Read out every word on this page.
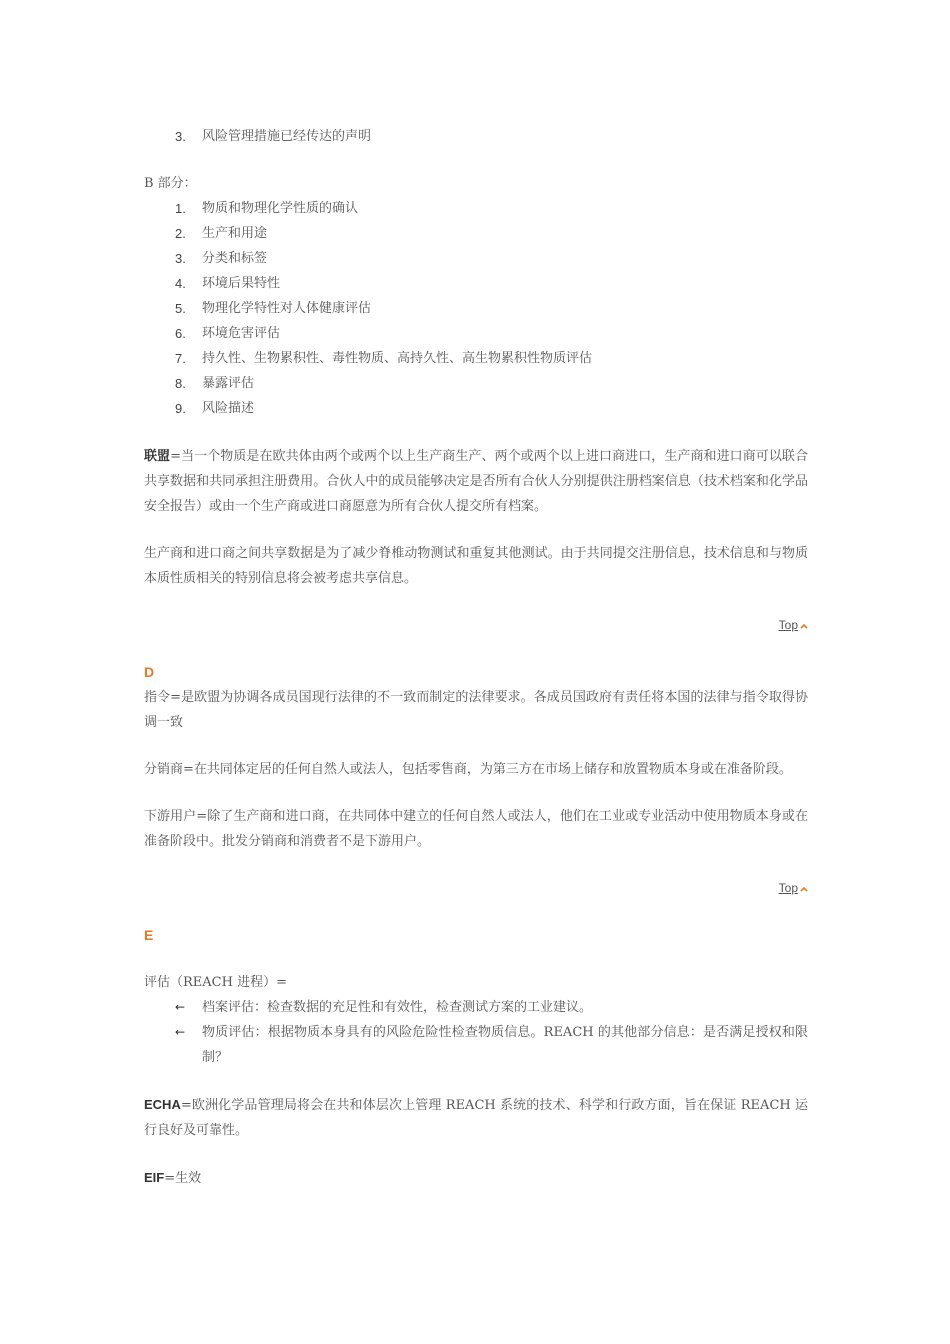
3.	风险管理措施已经传达的声明
B 部分：
1.	物质和物理化学性质的确认
2.	生产和用途
3.	分类和标签
4.	环境后果特性
5.	物理化学特性对人体健康评估
6.	环境危害评估
7.	持久性、生物累积性、毒性物质、高持久性、高生物累积性物质评估
8.	暴露评估
9.	风险描述
联盟=当一个物质是在欧共体由两个或两个以上生产商生产、两个或两个以上进口商进口，生产商和进口商可以联合共享数据和共同承担注册费用。合伙人中的成员能够决定是否所有合伙人分别提供注册档案信息（技术档案和化学品安全报告）或由一个生产商或进口商愿意为所有合伙人提交所有档案。
生产商和进口商之间共享数据是为了减少脊椎动物测试和重复其他测试。由于共同提交注册信息，技术信息和与物质本质性质相关的特别信息将会被考虑共享信息。
Top
D
指令=是欧盟为协调各成员国现行法律的不一致而制定的法律要求。各成员国政府有责任将本国的法律与指令取得协调一致
分销商=在共同体定居的任何自然人或法人，包括零售商，为第三方在市场上储存和放置物质本身或在准备阶段。
下游用户=除了生产商和进口商，在共同体中建立的任何自然人或法人，他们在工业或专业活动中使用物质本身或在准备阶段中。批发分销商和消费者不是下游用户。
Top
E
评估（REACH 进程）=
←	档案评估：检查数据的充足性和有效性，检查测试方案的工业建议。
←	物质评估：根据物质本身具有的风险危险性检查物质信息。REACH 的其他部分信息：是否满足授权和限制？
ECHA=欧洲化学品管理局将会在共和体层次上管理 REACH 系统的技术、科学和行政方面，旨在保证 REACH 运行良好及可靠性。
EIF=生效
